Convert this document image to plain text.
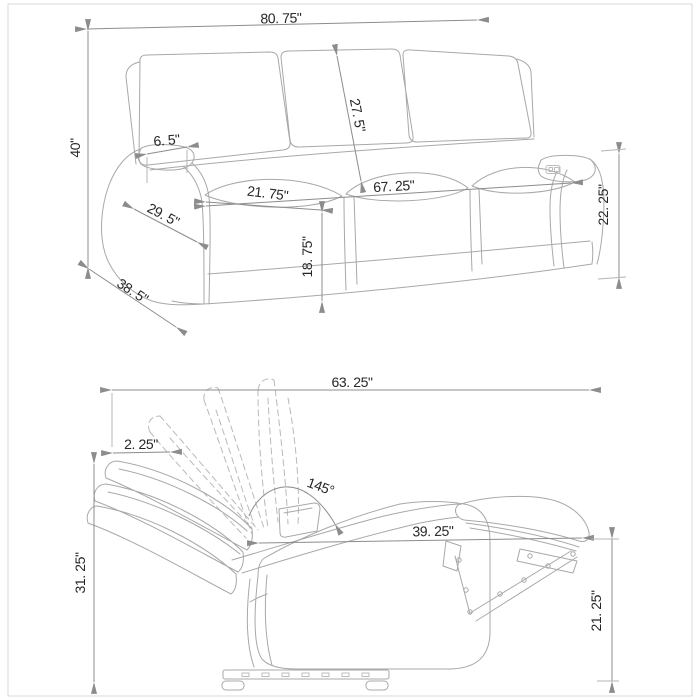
80. 75"
40"
38. 5"
6. 5"
27. 5"
21. 75"	67. 25"
18. 75"
29. 5"	22. 25"
63. 25"
2. 25"
31. 25"
145°
39. 25"
21. 25"
